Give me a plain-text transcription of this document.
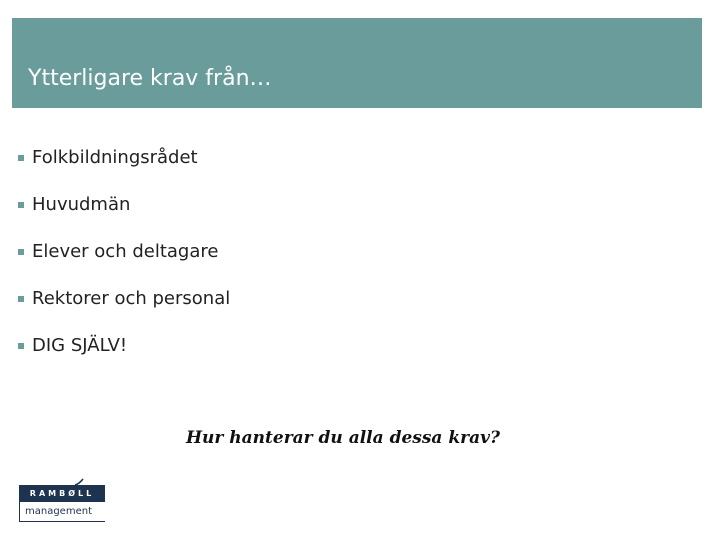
Ytterligare krav från…
Folkbildningsrådet
Huvudmän
Elever och deltagare
Rektorer och personal
DIG SJÄLV!

Hur hanterar du alla dessa krav?

RAMBØLL
management
